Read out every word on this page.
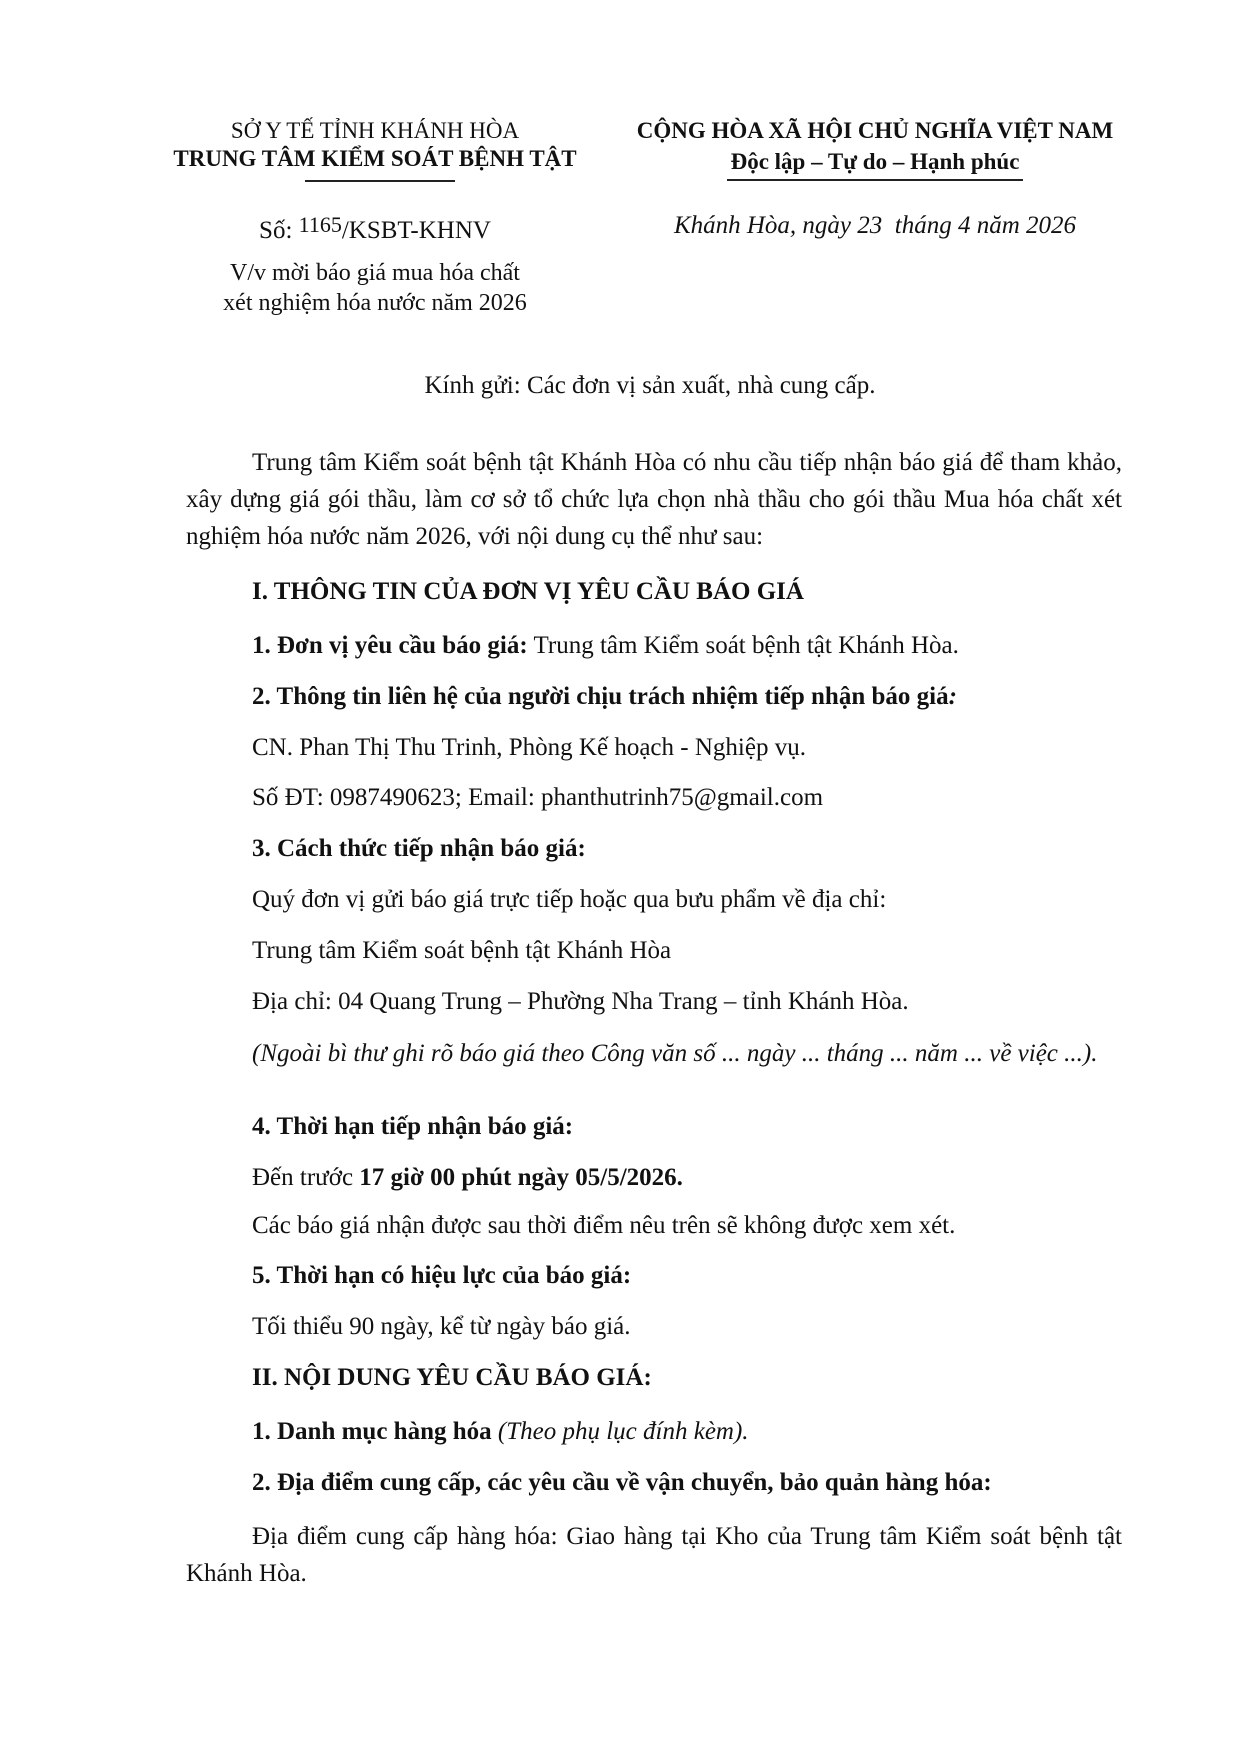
SỞ Y TẾ TỈNH KHÁNH HÒA
TRUNG TÂM KIỂM SOÁT BỆNH TẬT
Số: $^{1165}$/KSBT-KHNV
V/v mời báo giá mua hóa chất
xét nghiệm hóa nước năm 2026
CỘNG HÒA XÃ HỘI CHỦ NGHĨA VIỆT NAM
Độc lập – Tự do – Hạnh phúc
Khánh Hòa, ngày 23  tháng 4 năm 2026
Kính gửi: Các đơn vị sản xuất, nhà cung cấp.
Trung tâm Kiểm soát bệnh tật Khánh Hòa có nhu cầu tiếp nhận báo giá để tham khảo, xây dựng giá gói thầu, làm cơ sở tổ chức lựa chọn nhà thầu cho gói thầu Mua hóa chất xét nghiệm hóa nước năm 2026, với nội dung cụ thể như sau:
I. THÔNG TIN CỦA ĐƠN VỊ YÊU CẦU BÁO GIÁ
1. Đơn vị yêu cầu báo giá: Trung tâm Kiểm soát bệnh tật Khánh Hòa.
2. Thông tin liên hệ của người chịu trách nhiệm tiếp nhận báo giá:
CN. Phan Thị Thu Trinh, Phòng Kế hoạch - Nghiệp vụ.
Số ĐT: 0987490623; Email: phanthutrinh75@gmail.com
3. Cách thức tiếp nhận báo giá:
Quý đơn vị gửi báo giá trực tiếp hoặc qua bưu phẩm về địa chỉ:
Trung tâm Kiểm soát bệnh tật Khánh Hòa
Địa chỉ: 04 Quang Trung – Phường Nha Trang – tỉnh Khánh Hòa.
(Ngoài bì thư ghi rõ báo giá theo Công văn số ... ngày ... tháng ... năm ... về việc ...).
4. Thời hạn tiếp nhận báo giá:
Đến trước 17 giờ 00 phút ngày 05/5/2026.
Các báo giá nhận được sau thời điểm nêu trên sẽ không được xem xét.
5. Thời hạn có hiệu lực của báo giá:
Tối thiểu 90 ngày, kể từ ngày báo giá.
II. NỘI DUNG YÊU CẦU BÁO GIÁ:
1. Danh mục hàng hóa (Theo phụ lục đính kèm).
2. Địa điểm cung cấp, các yêu cầu về vận chuyển, bảo quản hàng hóa:
Địa điểm cung cấp hàng hóa: Giao hàng tại Kho của Trung tâm Kiểm soát bệnh tật Khánh Hòa.
